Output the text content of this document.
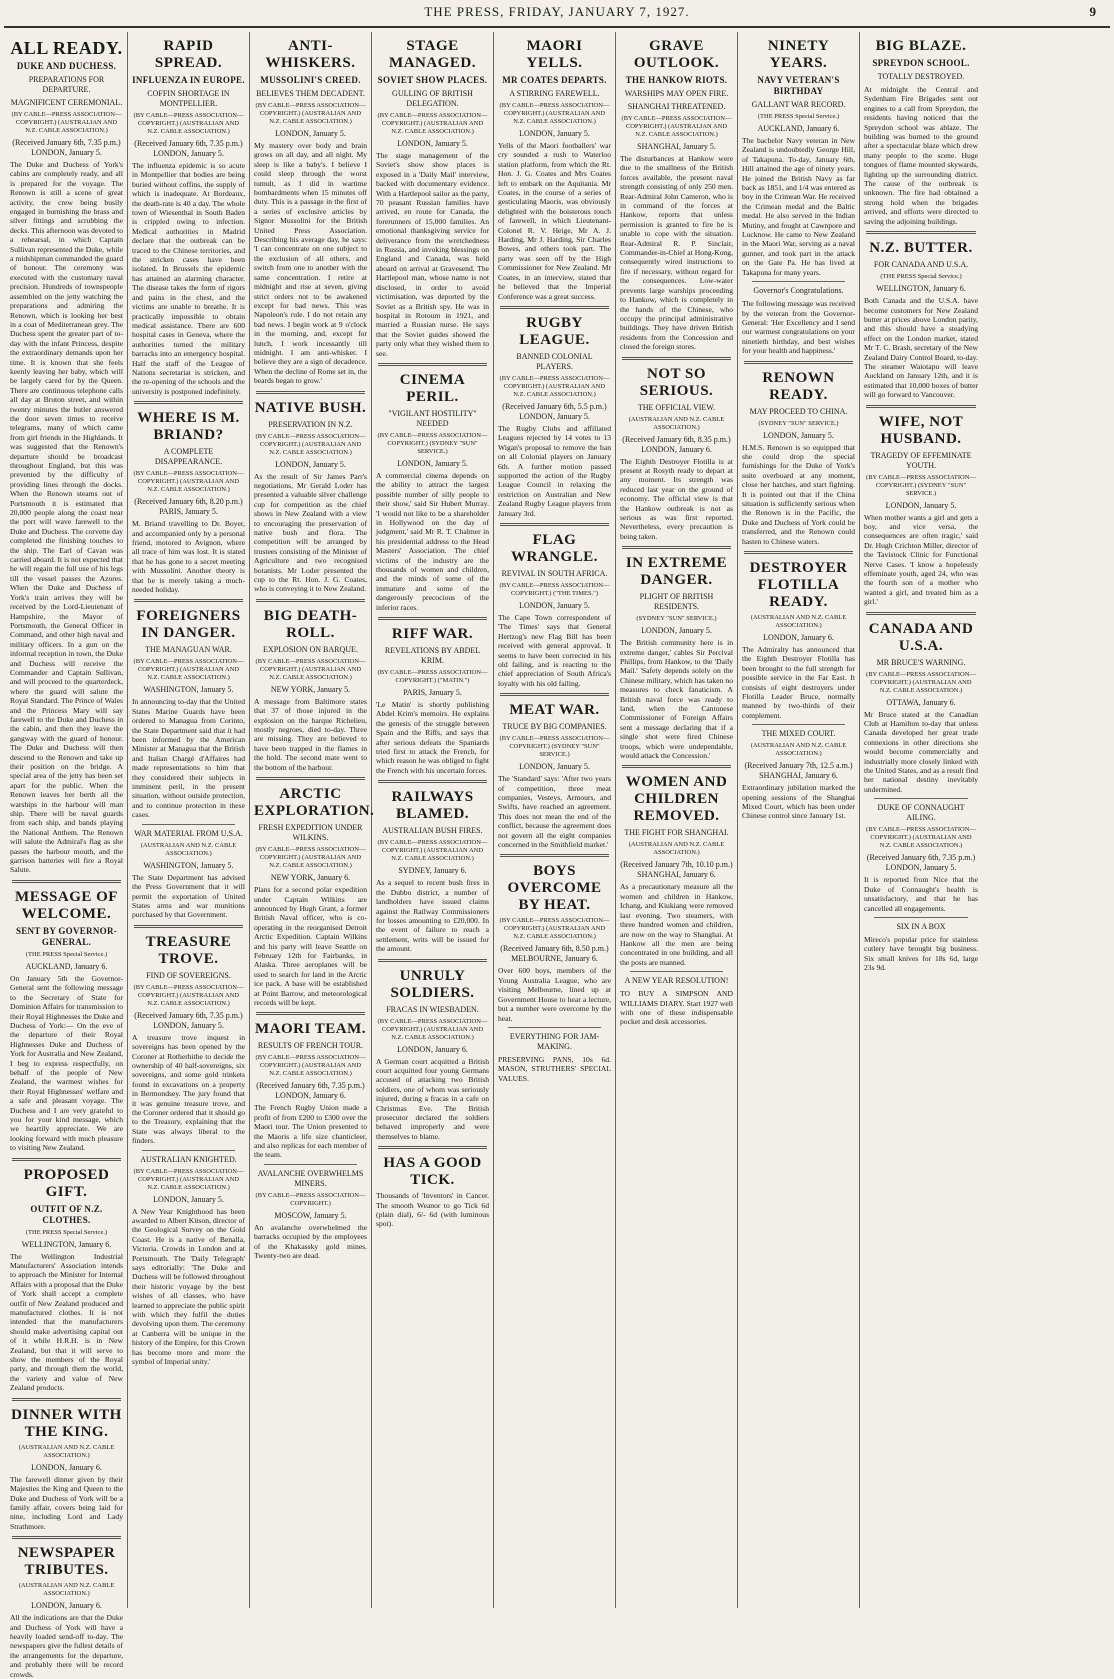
THE PRESS, FRIDAY, JANUARY 7, 1927.	9
ALL READY.
DUKE AND DUCHESS.
PREPARATIONS FOR DEPARTURE.
MAGNIFICENT CEREMONIAL.
(BY CABLE—PRESS ASSOCIATION—COPYRIGHT.) (AUSTRALIAN AND N.Z. CABLE ASSOCIATION.)
(Received January 6th, 7.35 p.m.) LONDON, January 5.
The Duke and Duchess of York's cabins are completely ready, and all is prepared for the voyage. The Renown is still a scene of great activity, the crew being busily engaged in burnishing the brass and silver fittings and scrubbing the decks. This afternoon was devoted to a rehearsal, in which Captain Sullivan represented the Duke, while a midshipman commanded the guard of honour. The ceremony was executed with the customary naval precision. Hundreds of townspeople assembled on the jetty watching the preparations and admiring the Renown, which is looking her best in a coat of Mediterranean grey. The Duchess spent the greater part of to-day with the infant Princess, despite the extraordinary demands upon her time. It is known that she feels keenly leaving her baby, which will be largely cared for by the Queen. There are continuous telephone calls all day at Bruton street, and within twenty minutes the butler answered the door seven times to receive telegrams, many of which came from girl friends in the Highlands. It was suggested that the Renown's departure should be broadcast throughout England, but this was prevented by the difficulty of providing lines through the docks. When the Renown steams out of Portsmouth it is estimated that 20,000 people along the coast near the port will wave farewell to the Duke and Duchess. The corvette day completed the finishing touches to the ship. The Earl of Cavan was carried aboard. It is not expected that he will regain the full use of his legs till the vessel passes the Azores. When the Duke and Duchess of York's train arrives they will be received by the Lord-Lieutenant of Hampshire, the Mayor of Portsmouth, the General Officer in Command, and other high naval and military officers. In a gun on the informal reception in town, the Duke and Duchess will receive the Commander and Captain Sullivan, and will proceed to the quarterdeck, where the guard will salute the Royal Standard. The Prince of Wales and the Princess Mary will say farewell to the Duke and Duchess in the cabin, and then they leave the gangway with the guard of honour. The Duke and Duchess will then descend to the Renown and take up their position on the bridge. A special area of the jetty has been set apart for the public. When the Renown leaves her berth all the warships in the harbour will man ship. There will be naval guards from each ship, and bands playing the National Anthem. The Renown will salute the Admiral's flag as she passes the harbour mouth, and the garrison batteries will fire a Royal Salute.
MESSAGE OF WELCOME.
SENT BY GOVERNOR-GENERAL.
(THE PRESS Special Service.)
AUCKLAND, January 6.
On January 5th the Governor-General sent the following message to the Secretary of State for Dominion Affairs for transmission to their Royal Highnesses the Duke and Duchess of York:— On the eve of the departure of their Royal Highnesses Duke and Duchess of York for Australia and New Zealand, I beg to express respectfully, on behalf of the people of New Zealand, the warmest wishes for their Royal Highnesses' welfare and a safe and pleasant voyage. The Duchess and I are very grateful to you for your kind message, which we heartily appreciate. We are looking forward with much pleasure to visiting New Zealand.
PROPOSED GIFT.
OUTFIT OF N.Z. CLOTHES.
(THE PRESS Special Service.)
WELLINGTON, January 6.
The Wellington Industrial Manufacturers' Association intends to approach the Minister for Internal Affairs with a proposal that the Duke of York shall accept a complete outfit of New Zealand produced and manufactured clothes. It is not intended that the manufacturers should make advertising capital out of it while H.R.H. is in New Zealand, but that it will serve to show the members of the Royal party, and through them the world, the variety and value of New Zealand products.
DINNER WITH THE KING.
(AUSTRALIAN AND N.Z. CABLE ASSOCIATION.)
LONDON, January 6.
The farewell dinner given by their Majesties the King and Queen to the Duke and Duchess of York will be a family affair, covers being laid for nine, including Lord and Lady Strathmore.
NEWSPAPER TRIBUTES.
(AUSTRALIAN AND N.Z. CABLE ASSOCIATION.)
LONDON, January 6.
All the indications are that the Duke and Duchess of York will have a heavily loaded send-off to-day. The newspapers give the fullest details of the arrangements for the departure, and probably there will be record crowds.
RAPID SPREAD.
INFLUENZA IN EUROPE.
COFFIN SHORTAGE IN MONTPELLIER.
(BY CABLE—PRESS ASSOCIATION—COPYRIGHT.) (AUSTRALIAN AND N.Z. CABLE ASSOCIATION.)
(Received January 6th, 7.35 p.m.) LONDON, January 5.
The influenza epidemic is so acute in Montpellier that bodies are being buried without coffins, the supply of which is inadequate. At Bordeaux, the death-rate is 40 a day. The whole town of Wiesenthal in South Baden is crippled owing to infection. Medical authorities in Madrid declare that the outbreak can be traced to the Chinese territories, and the stricken cases have been isolated. In Brussels the epidemic has attained an alarming character. The disease takes the form of rigors and pains in the chest, and the victims are unable to breathe. It is practically impossible to obtain medical assistance. There are 600 hospital cases in Geneva, where the authorities turned the military barracks into an emergency hospital. Half the staff of the League of Nations secretariat is stricken, and the re-opening of the schools and the university is postponed indefinitely.
WHERE IS M. BRIAND?
A COMPLETE DISAPPEARANCE.
(BY CABLE—PRESS ASSOCIATION—COPYRIGHT.) (AUSTRALIAN AND N.Z. CABLE ASSOCIATION.)
(Received January 6th, 8.20 p.m.) PARIS, January 5.
M. Briand travelling to Dr. Boyer, and accompanied only by a personal friend, motored to Avignon, where all trace of him was lost. It is stated that he has gone to a secret meeting with Mussolini. Another theory is that he is merely taking a much-needed holiday.
FOREIGNERS IN DANGER.
THE MANAGUAN WAR.
(BY CABLE—PRESS ASSOCIATION—COPYRIGHT.) (AUSTRALIAN AND N.Z. CABLE ASSOCIATION.)
WASHINGTON, January 5.
In announcing to-day that the United States Marine Guards have been ordered to Managua from Corinto, the State Department said that it had been informed by the American Minister at Managua that the British and Italian Chargé d'Affaires had made representations to him that they considered their subjects in imminent peril, in the present situation, without outside protection, and to continue protection in these cases.
WAR MATERIAL FROM U.S.A.
(AUSTRALIAN AND N.Z. CABLE ASSOCIATION.)
WASHINGTON, January 5.
The State Department has advised the Press Government that it will permit the exportation of United States arms and war munitions purchased by that Government.
TREASURE TROVE.
FIND OF SOVEREIGNS.
(BY CABLE—PRESS ASSOCIATION—COPYRIGHT.) (AUSTRALIAN AND N.Z. CABLE ASSOCIATION.)
(Received January 6th, 7.35 p.m.) LONDON, January 5.
A treasure trove inquest in sovereigns has been opened by the Coroner at Rotherhithe to decide the ownership of 40 half-sovereigns, six sovereigns, and some gold trinkets found in excavations on a property in Bermondsey. The jury found that it was genuine treasure trove, and the Coroner ordered that it should go to the Treasury, explaining that the State was always liberal to the finders.
AUSTRALIAN KNIGHTED.
(BY CABLE—PRESS ASSOCIATION—COPYRIGHT.) (AUSTRALIAN AND N.Z. CABLE ASSOCIATION.)
LONDON, January 5.
A New Year Knighthood has been awarded to Albert Kitson, director of the Geological Survey on the Gold Coast. He is a native of Benalla, Victoria. Crowds in London and at Portsmouth. The 'Daily Telegraph' says editorially: 'The Duke and Duchess will be followed throughout their historic voyage by the best wishes of all classes, who have learned to appreciate the public spirit with which they fulfil the duties devolving upon them. The ceremony at Canberra will be unique in the history of the Empire, for this Crown has become more and more the symbol of Imperial unity.'
ANTI-WHISKERS.
MUSSOLINI'S CREED.
BELIEVES THEM DECADENT.
(BY CABLE—PRESS ASSOCIATION—COPYRIGHT.) (AUSTRALIAN AND N.Z. CABLE ASSOCIATION.)
LONDON, January 5.
My mastery over body and brain grows on all day, and all night. My sleep is like a baby's. I believe I could sleep through the worst tumult, as I did in wartime bombardments when 15 minutes off duty. This is a passage in the first of a series of exclusive articles by Signor Mussolini for the British United Press Association. Describing his average day, he says: 'I can concentrate on one subject to the exclusion of all others, and switch from one to another with the same concentration. I retire at midnight and rise at seven, giving strict orders not to be awakened except for bad news. This was Napoleon's rule. I do not retain any bad news. I begin work at 9 o'clock in the morning, and, except for lunch, I work incessantly till midnight. I am anti-whisker. I believe they are a sign of decadence. When the decline of Rome set in, the beards began to grow.'
NATIVE BUSH.
PRESERVATION IN N.Z.
(BY CABLE—PRESS ASSOCIATION—COPYRIGHT.) (AUSTRALIAN AND N.Z. CABLE ASSOCIATION.)
LONDON, January 5.
As the result of Sir James Parr's negotiations, Mr Gerald Loder has presented a valuable silver challenge cup for competition as the chief shows in New Zealand with a view to encouraging the preservation of native bush and flora. The competition will be arranged by trustees consisting of the Minister of Agriculture and two recognised botanists. Mr Loder presented the cup to the Rt. Hon. J. G. Coates, who is conveying it to New Zealand.
BIG DEATH-ROLL.
EXPLOSION ON BARQUE.
(BY CABLE—PRESS ASSOCIATION—COPYRIGHT.) (AUSTRALIAN AND N.Z. CABLE ASSOCIATION.)
NEW YORK, January 5.
A message from Baltimore states that 37 of those injured in the explosion on the barque Richelieu, mostly negroes, died to-day. Three are missing. They are believed to have been trapped in the flames in the hold. The second mate went to the bottom of the harbour.
ARCTIC EXPLORATION.
FRESH EXPEDITION UNDER WILKINS.
(BY CABLE—PRESS ASSOCIATION—COPYRIGHT.) (AUSTRALIAN AND N.Z. CABLE ASSOCIATION.)
NEW YORK, January 6.
Plans for a second polar expedition under Captain Wilkins are announced by Hugh Grant, a former British Naval officer, who is co-operating in the reorganised Detroit Arctic Expedition. Captain Wilkins and his party will leave Seattle on February 12th for Fairbanks, in Alaska. Three aeroplanes will be used to search for land in the Arctic ice pack. A base will be established at Point Barrow, and meteorological records will be kept.
MAORI TEAM.
RESULTS OF FRENCH TOUR.
(BY CABLE—PRESS ASSOCIATION—COPYRIGHT.) (AUSTRALIAN AND N.Z. CABLE ASSOCIATION.)
(Received January 6th, 7.35 p.m.) LONDON, January 6.
The French Rugby Union made a profit of from £200 to £300 over the Maori tour. The Union presented to the Maoris a life size chanticleer, and also replicas for each member of the team.
AVALANCHE OVERWHELMS MINERS.
(BY CABLE—PRESS ASSOCIATION—COPYRIGHT.)
MOSCOW, January 5.
An avalanche overwhelmed the barracks occupied by the employees of the Khakassky gold mines. Twenty-two are dead.
STAGE MANAGED.
SOVIET SHOW PLACES.
GULLING OF BRITISH DELEGATION.
(BY CABLE—PRESS ASSOCIATION—COPYRIGHT.) (AUSTRALIAN AND N.Z. CABLE ASSOCIATION.)
LONDON, January 5.
The stage management of the Soviet's show show places is exposed in a 'Daily Mail' interview, backed with documentary evidence. With a Hartlepool sailor as the party, 70 peasant Russian families have arrived, en route for Canada, the forerunners of 15,000 families. An emotional thanksgiving service for deliverance from the wretchedness in Russia, and invoking blessings on England and Canada, was held aboard on arrival at Gravesend. The Hartlepool man, whose name is not disclosed, in order to avoid victimisation, was deported by the Soviet as a British spy. He was in hospital in Rotoum in 1921, and married a Russian nurse. He says that the Soviet guides showed the party only what they wished them to see.
CINEMA PERIL.
"VIGILANT HOSTILITY" NEEDED
(BY CABLE—PRESS ASSOCIATION—COPYRIGHT.) (SYDNEY "SUN" SERVICE.)
LONDON, January 5.
A commercial cinema depends on the ability to attract the largest possible number of silly people to their show,' said Sir Hubert Murray. 'I would not like to be a shareholder in Hollywood on the day of judgment,' said Mr R. T. Chalmer in his presidential address to the Head Masters' Association. The chief victims of the industry are the thousands of women and children, and the minds of some of the immature and some of the dangerously precocious of the inferior races.
RIFF WAR.
REVELATIONS BY ABDEL KRIM.
(BY CABLE—PRESS ASSOCIATION—COPYRIGHT.) ("MATIN.")
PARIS, January 5.
'Le Matin' is shortly publishing Abdel Krim's memoirs. He explains the genesis of the struggle between Spain and the Riffs, and says that after serious defeats the Spaniards tried first to attack the French, for which reason he was obliged to fight the French with his uncertain forces.
RAILWAYS BLAMED.
AUSTRALIAN BUSH FIRES.
(BY CABLE—PRESS ASSOCIATION—COPYRIGHT.) (AUSTRALIAN AND N.Z. CABLE ASSOCIATION.)
SYDNEY, January 6.
As a sequel to recent bush fires in the Dubbo district, a number of landholders have issued claims against the Railway Commissioners for losses amounting to £20,000. In the event of failure to reach a settlement, writs will be issued for the amount.
UNRULY SOLDIERS.
FRACAS IN WIESBADEN.
(BY CABLE—PRESS ASSOCIATION—COPYRIGHT.) (AUSTRALIAN AND N.Z. CABLE ASSOCIATION.)
LONDON, January 6.
A German court acquitted a British court acquitted four young Germans accused of attacking two British soldiers, one of whom was seriously injured, during a fracas in a cafe on Christmas Eve. The British prosecutor declared the soldiers behaved improperly and were themselves to blame.
HAS A GOOD TICK.
Thousands of 'Inventors' in Cancer. The smooth Weanor to go Tick 6d (plain dial), 6/- 6d (with luminous spot).
MAORI YELLS.
MR COATES DEPARTS.
A STIRRING FAREWELL.
(BY CABLE—PRESS ASSOCIATION—COPYRIGHT.) (AUSTRALIAN AND N.Z. CABLE ASSOCIATION.)
LONDON, January 5.
Yells of the Maori footballers' war cry sounded a rush to Waterloo station platform, from which the Rt. Hon. J. G. Coates and Mrs Coates left to embark on the Aquitania. Mr Coates, in the course of a series of gesticulating Maoris, was obviously delighted with the boisterous touch of farewell, in which Lieutenant-Colonel R. V. Heige, Mr A. J. Harding, Mr J. Harding, Sir Charles Bowes, and others took part. The party was seen off by the High Commissioner for New Zealand. Mr Coates, in an interview, stated that he believed that the Imperial Conference was a great success.
RUGBY LEAGUE.
BANNED COLONIAL PLAYERS.
(BY CABLE—PRESS ASSOCIATION—COPYRIGHT.) (AUSTRALIAN AND N.Z. CABLE ASSOCIATION.)
(Received January 6th, 5.5 p.m.) LONDON, January 5.
The Rugby Clubs and affiliated Leagues rejected by 14 votes to 13 Wigan's proposal to remove the ban on all Colonial players on January 6th. A further motion passed supported the action of the Rugby League Council in relaxing the restriction on Australian and New Zealand Rugby League players from January 3rd.
FLAG WRANGLE.
REVIVAL IN SOUTH AFRICA.
(BY CABLE—PRESS ASSOCIATION—COPYRIGHT.) ("THE TIMES.")
LONDON, January 5.
The Cape Town correspondent of 'The Times' says that General Hertzog's new Flag Bill has been received with general approval. It seems to have been corrected in his old failing, and is reacting to the chief appreciation of South Africa's loyalty with his old failing.
MEAT WAR.
TRUCE BY BIG COMPANIES.
(BY CABLE—PRESS ASSOCIATION—COPYRIGHT.) (SYDNEY "SUN" SERVICE.)
LONDON, January 5.
The 'Standard' says: 'After two years of competition, three meat companies, Vesteys, Armours, and Swifts, have reached an agreement. This does not mean the end of the conflict, because the agreement does not govern all the eight companies concerned in the Smithfield market.'
BOYS OVERCOME BY HEAT.
(BY CABLE—PRESS ASSOCIATION—COPYRIGHT.) (AUSTRALIAN AND N.Z. CABLE ASSOCIATION.)
(Received January 6th, 8.50 p.m.) MELBOURNE, January 6.
Over 600 boys, members of the Young Australia League, who are visiting Melbourne, lined up at Government House to hear a lecture, but a number were overcome by the heat.
EVERYTHING FOR JAM-MAKING.
PRESERVING PANS, 10s 6d. MASON, STRUTHERS' SPECIAL VALUES.
GRAVE OUTLOOK.
THE HANKOW RIOTS.
WARSHIPS MAY OPEN FIRE.
SHANGHAI THREATENED.
(BY CABLE—PRESS ASSOCIATION—COPYRIGHT.) (AUSTRALIAN AND N.Z. CABLE ASSOCIATION.)
SHANGHAI, January 5.
The disturbances at Hankow were due to the smallness of the British forces available, the present naval strength consisting of only 250 men. Rear-Admiral John Cameron, who is in command of the forces at Hankow, reports that unless permission is granted to fire he is unable to cope with the situation. Rear-Admiral R. P. Sinclair, Commander-in-Chief at Hong-Kong, consequently wired instructions to fire if necessary, without regard for the consequences. Low-water prevents large warships proceeding to Hankow, which is completely in the hands of the Chinese, who occupy the principal administrative buildings. They have driven British residents from the Concession and closed the foreign stores.
NOT SO SERIOUS.
THE OFFICIAL VIEW.
(AUSTRALIAN AND N.Z. CABLE ASSOCIATION.)
(Received January 6th, 8.35 p.m.) LONDON, January 6.
The Eighth Destroyer Flotilla is at present at Rosyth ready to depart at any moment. Its strength was reduced last year on the ground of economy. The official view is that the Hankow outbreak is not as serious as was first reported. Nevertheless, every precaution is being taken.
IN EXTREME DANGER.
PLIGHT OF BRITISH RESIDENTS.
(SYDNEY "SUN" SERVICE.)
LONDON, January 5.
The British community here is in extreme danger,' cables Sir Percival Phillips, from Hankow, to the 'Daily Mail.' 'Safety depends solely on the Chinese military, which has taken no measures to check fanaticism. A British naval force was ready to land, when the Cantonese Commissioner of Foreign Affairs sent a message declaring that if a single shot were fired Chinese troops, which were undependable, would attack the Concession.'
WOMEN AND CHILDREN REMOVED.
THE FIGHT FOR SHANGHAI.
(AUSTRALIAN AND N.Z. CABLE ASSOCIATION.)
(Received January 7th, 10.10 p.m.) SHANGHAI, January 6.
As a precautionary measure all the women and children in Hankow, Ichang, and Kiukiang were removed last evening. Two steamers, with three hundred women and children, are now on the way to Shanghai. At Hankow all the men are being concentrated in one building, and all the posts are manned.
A NEW YEAR RESOLUTION!
TO BUY A SIMPSON AND WILLIAMS DIARY. Start 1927 well with one of these indispensable pocket and desk accessories.
NINETY YEARS.
NAVY VETERAN'S BIRTHDAY
GALLANT WAR RECORD.
(THE PRESS Special Service.)
AUCKLAND, January 6.
The bachelor Navy veteran in New Zealand is undoubtedly George Hill, of Takapuna. To-day, January 6th, Hill attained the age of ninety years. He joined the British Navy as far back as 1851, and 1/4 was entered as boy in the Crimean War. He received the Crimean medal and the Baltic medal. He also served in the Indian Mutiny, and fought at Cawnpore and Lucknow. He came to New Zealand in the Maori War, serving as a naval gunner, and took part in the attack on the Gate Pa. He has lived at Takapuna for many years.
Governor's Congratulations.
The following message was received by the veteran from the Governor-General: 'Her Excellency and I send our warmest congratulations on your ninetieth birthday, and best wishes for your health and happiness.'
RENOWN READY.
MAY PROCEED TO CHINA.
(SYDNEY "SUN" SERVICE.)
LONDON, January 5.
H.M.S. Renown is so equipped that she could drop the special furnishings for the Duke of York's suite overboard at any moment, close her hatches, and start fighting. It is pointed out that if the China situation is sufficiently serious when the Renown is in the Pacific, the Duke and Duchess of York could be transferred, and the Renown could hasten to Chinese waters.
DESTROYER FLOTILLA READY.
(AUSTRALIAN AND N.Z. CABLE ASSOCIATION.)
LONDON, January 6.
The Admiralty has announced that the Eighth Destroyer Flotilla has been brought to the full strength for possible service in the Far East. It consists of eight destroyers under Flotilla Leader Bruce, normally manned by two-thirds of their complement.
THE MIXED COURT.
(AUSTRALIAN AND N.Z. CABLE ASSOCIATION.)
(Received January 7th, 12.5 a.m.) SHANGHAI, January 6.
Extraordinary jubilation marked the opening sessions of the Shanghai Mixed Court, which has been under Chinese control since January 1st.
BIG BLAZE.
SPREYDON SCHOOL.
TOTALLY DESTROYED.
At midnight the Central and Sydenham Fire Brigades sent out engines to a call from Spreydon, the residents having noticed that the Spreydon school was ablaze. The building was burned to the ground after a spectacular blaze which drew many people to the scene. Huge tongues of flame mounted skywards, lighting up the surrounding district. The cause of the outbreak is unknown. The fire had obtained a strong hold when the brigades arrived, and efforts were directed to saving the adjoining buildings.
N.Z. BUTTER.
FOR CANADA AND U.S.A.
(THE PRESS Special Service.)
WELLINGTON, January 6.
Both Canada and the U.S.A. have become customers for New Zealand butter at prices above London parity, and this should have a steadying effect on the London market, stated Mr T. C. Brash, secretary of the New Zealand Dairy Control Board, to-day. The steamer Waiotapu will leave Auckland on January 12th, and it is estimated that 10,000 boxes of butter will go forward to Vancouver.
WIFE, NOT HUSBAND.
TRAGEDY OF EFFEMINATE YOUTH.
(BY CABLE—PRESS ASSOCIATION—COPYRIGHT.) (SYDNEY "SUN" SERVICE.)
LONDON, January 5.
When mother wants a girl and gets a boy, and vice versa, the consequences are often tragic,' said Dr. Hugh Crichton Miller, director of the Tavistock Clinic for Functional Nerve Cases. 'I know a hopelessly effeminate youth, aged 24, who was the fourth son of a mother who wanted a girl, and treated him as a girl.'
CANADA AND U.S.A.
MR BRUCE'S WARNING.
(BY CABLE—PRESS ASSOCIATION—COPYRIGHT.) (AUSTRALIAN AND N.Z. CABLE ASSOCIATION.)
OTTAWA, January 6.
Mr Bruce stated at the Canadian Club at Hamilton to-day that unless Canada developed her great trade connexions in other directions she would become commercially and industrially more closely linked with the United States, and as a result find her national destiny inevitably undermined.
DUKE OF CONNAUGHT AILING.
(BY CABLE—PRESS ASSOCIATION—COPYRIGHT.) (AUSTRALIAN AND N.Z. CABLE ASSOCIATION.)
(Received January 6th, 7.35 p.m.) LONDON, January 5.
It is reported from Nice that the Duke of Connaught's health is unsatisfactory, and that he has cancelled all engagements.
SIX IN A BOX
Mireco's popular price for stainless cutlery have brought big business. Six small knives for 18s 6d, large 23s 9d.
